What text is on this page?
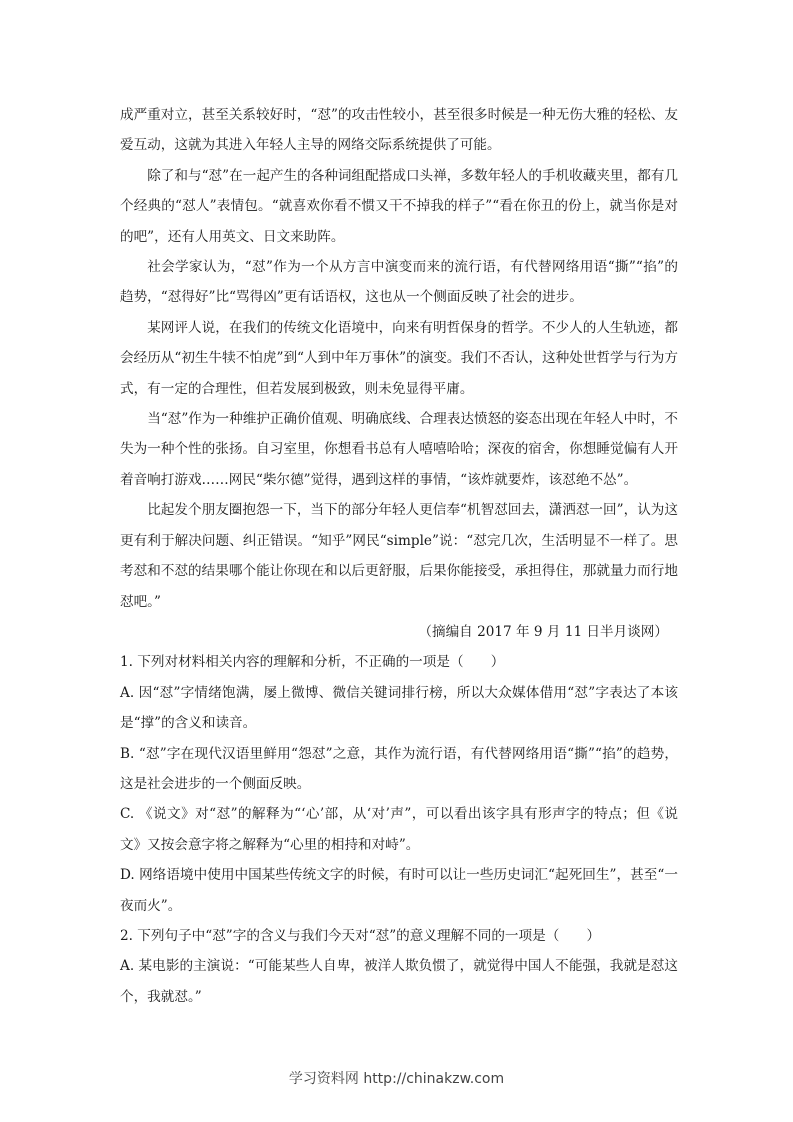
成严重对立，甚至关系较好时，“怼”的攻击性较小，甚至很多时候是一种无伤大雅的轻松、友爱互动，这就为其进入年轻人主导的网络交际系统提供了可能。

除了和与“怼”在一起产生的各种词组配搭成口头禅，多数年轻人的手机收藏夹里，都有几个经典的“怼人”表情包。“就喜欢你看不惯又干不掉我的样子”“看在你丑的份上，就当你是对的吧”，还有人用英文、日文来助阵。

社会学家认为，“怼”作为一个从方言中演变而来的流行语，有代替网络用语“撕”“掐”的趋势，“怼得好”比“骂得凶”更有话语权，这也从一个侧面反映了社会的进步。

某网评人说，在我们的传统文化语境中，向来有明哲保身的哲学。不少人的人生轨迹，都会经历从“初生牛犊不怕虎”到“人到中年万事休”的演变。我们不否认，这种处世哲学与行为方式，有一定的合理性，但若发展到极致，则未免显得平庸。

当“怼”作为一种维护正确价值观、明确底线、合理表达愤怒的姿态出现在年轻人中时，不失为一种个性的张扬。自习室里，你想看书总有人嘻嘻哈哈；深夜的宿舍，你想睡觉偏有人开着音响打游戏……网民“柴尔德”觉得，遇到这样的事情，“该炸就要炸，该怼绝不怂”。

比起发个朋友圈抱怨一下，当下的部分年轻人更信奉“机智怼回去，潇洒怼一回”，认为这更有利于解决问题、纠正错误。“知乎”网民“simple”说：“怼完几次，生活明显不一样了。思考怼和不怼的结果哪个能让你现在和以后更舒服，后果你能接受，承担得住，那就量力而行地怼吧。”

（摘编自 2017 年 9 月 11 日半月谈网）

1. 下列对材料相关内容的理解和分析，不正确的一项是（　　）

A. 因“怼”字情绪饱满，屡上微博、微信关键词排行榜，所以大众媒体借用“怼”字表达了本该是“撑”的含义和读音。

B. “怼”字在现代汉语里鲜用“怨怼”之意，其作为流行语，有代替网络用语“撕”“掐”的趋势，这是社会进步的一个侧面反映。

C. 《说文》对“怼”的解释为“‘心’部，从‘对’声”，可以看出该字具有形声字的特点；但《说文》又按会意字将之解释为“心里的相持和对峙”。

D. 网络语境中使用中国某些传统文字的时候，有时可以让一些历史词汇“起死回生”，甚至“一夜而火”。

2. 下列句子中“怼”字的含义与我们今天对“怼”的意义理解不同的一项是（　　）

A. 某电影的主演说：“可能某些人自卑，被洋人欺负惯了，就觉得中国人不能强，我就是怼这个，我就怼。”

学习资料网 http://chinakzw.com
